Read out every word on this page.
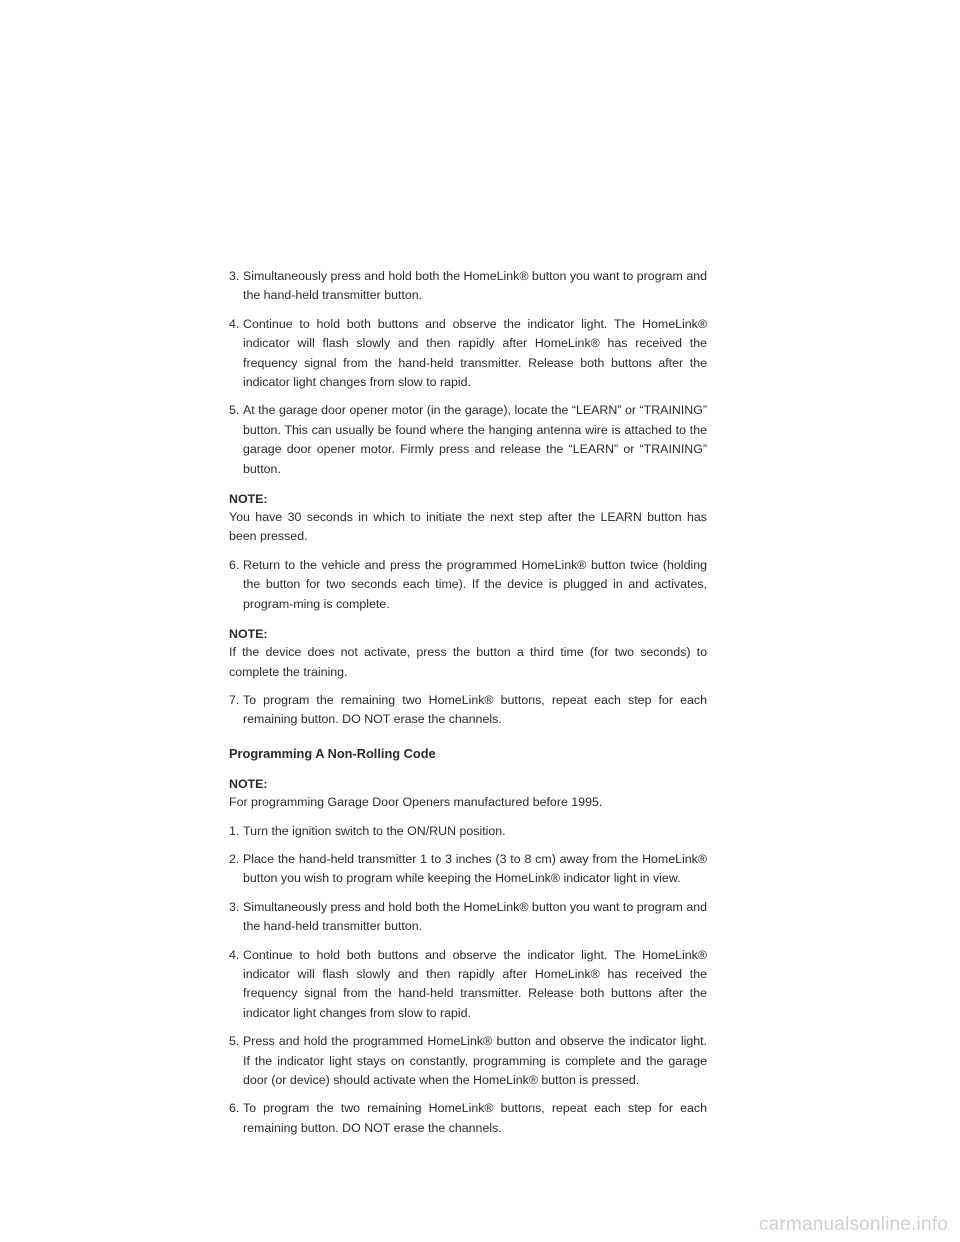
3. Simultaneously press and hold both the HomeLink® button you want to program and the hand-held transmitter button.
4. Continue to hold both buttons and observe the indicator light. The HomeLink® indicator will flash slowly and then rapidly after HomeLink® has received the frequency signal from the hand-held transmitter. Release both buttons after the indicator light changes from slow to rapid.
5. At the garage door opener motor (in the garage), locate the “LEARN” or “TRAINING” button. This can usually be found where the hanging antenna wire is attached to the garage door opener motor. Firmly press and release the “LEARN” or “TRAINING” button.
NOTE:
You have 30 seconds in which to initiate the next step after the LEARN button has been pressed.
6. Return to the vehicle and press the programmed HomeLink® button twice (holding the button for two seconds each time). If the device is plugged in and activates, program-ming is complete.
NOTE:
If the device does not activate, press the button a third time (for two seconds) to complete the training.
7. To program the remaining two HomeLink® buttons, repeat each step for each remaining button. DO NOT erase the channels.
Programming A Non-Rolling Code
NOTE:
For programming Garage Door Openers manufactured before 1995.
1. Turn the ignition switch to the ON/RUN position.
2. Place the hand-held transmitter 1 to 3 inches (3 to 8 cm) away from the HomeLink® button you wish to program while keeping the HomeLink® indicator light in view.
3. Simultaneously press and hold both the HomeLink® button you want to program and the hand-held transmitter button.
4. Continue to hold both buttons and observe the indicator light. The HomeLink® indicator will flash slowly and then rapidly after HomeLink® has received the frequency signal from the hand-held transmitter. Release both buttons after the indicator light changes from slow to rapid.
5. Press and hold the programmed HomeLink® button and observe the indicator light. If the indicator light stays on constantly, programming is complete and the garage door (or device) should activate when the HomeLink® button is pressed.
6. To program the two remaining HomeLink® buttons, repeat each step for each remaining button. DO NOT erase the channels.
carmanualsonline.info
